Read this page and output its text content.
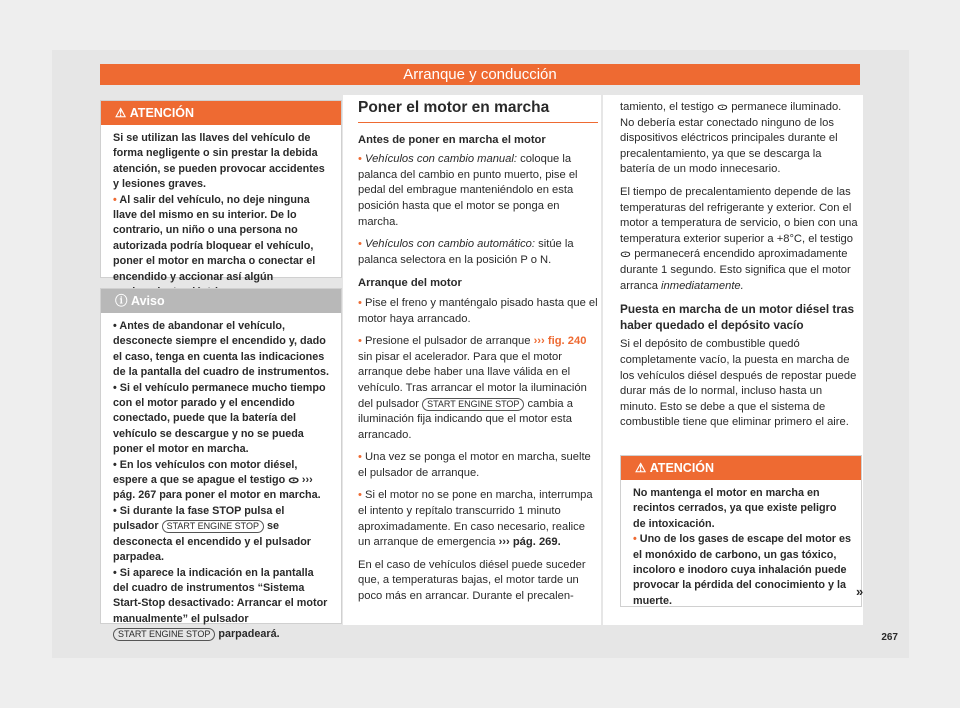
Arranque y conducción
⚠ ATENCIÓN

Si se utilizan las llaves del vehículo de forma negligente o sin prestar la debida atención, se pueden provocar accidentes y lesiones graves.

• Al salir del vehículo, no deje ninguna llave del mismo en su interior. De lo contrario, un niño o una persona no autorizada podría bloquear el vehículo, poner el motor en marcha o conectar el encendido y accionar así algún

ⓘ Aviso

• Antes de abandonar el vehículo, desconecte siempre el encendido y, dado el caso, tenga en cuenta las indicaciones de la pantalla del cuadro de instrumentos.

• Si el vehículo permanece mucho tiempo con el motor parado y el encendido conectado, puede que la batería del vehículo se descargue y no se pueda poner el motor en marcha.

• En los vehículos con motor diésel, espere a que se apague el testigo ᯣ ››› pág. 267 para poner el motor en marcha.

• Si durante la fase STOP pulsa el pulsador START ENGINE STOP se desconecta el encendido y el pulsador parpadea.

• Si aparece la indicación en la pantalla del cuadro de instrumentos “Sistema Start-Stop desactivado: Arrancar el motor manualmente” el pulsador START ENGINE STOP parpadeará.

Poner el motor en marcha
Antes de poner en marcha el motor

• Vehículos con cambio manual: coloque la palanca del cambio en punto muerto, pise el pedal del embrague manteniéndolo en esta posición hasta que el motor se ponga en marcha.

• Vehículos con cambio automático: sitúe la palanca selectora en la posición P o N.

Arranque del motor

• Pise el freno y manténgalo pisado hasta que el motor haya arrancado.

• Presione el pulsador de arranque ››› fig. 240 sin pisar el acelerador. Para que el motor arranque debe haber una llave válida en el vehículo. Tras arrancar el motor la iluminación del pulsador START ENGINE STOP cambia a iluminación fija indicando que el motor esta arrancado.

• Una vez se ponga el motor en marcha, suelte el pulsador de arranque.

• Si el motor no se pone en marcha, interrumpa el intento y repítalo transcurrido 1 minuto aproximadamente. En caso necesario, realice un arranque de emergencia ››› pág. 269.

En el caso de vehículos diésel puede suceder que, a temperaturas bajas, el motor tarde un poco más en arrancar. Durante el precalen-

tamiento, el testigo ᯣ permanece iluminado. No debería estar conectado ninguno de los dispositivos eléctricos principales durante el precalentamiento, ya que se descarga la batería de un modo innecesario.

El tiempo de precalentamiento depende de las temperaturas del refrigerante y exterior. Con el motor a temperatura de servicio, o bien con una temperatura exterior superior a +8°C, el testigo ᯣ permanecerá encendido aproximadamente durante 1 segundo. Esto significa que el motor arranca inmediatamente.

Puesta en marcha de un motor diésel tras haber quedado el depósito vacío

Si el depósito de combustible quedó completamente vacío, la puesta en marcha de los vehículos diésel después de repostar puede durar más de lo normal, incluso hasta un minuto. Esto se debe a que el sistema de combustible tiene que eliminar primero el aire.

⚠ ATENCIÓN

No mantenga el motor en marcha en recintos cerrados, ya que existe peligro de intoxicación.

• Uno de los gases de escape del motor es el monóxido de carbono, un gas tóxico, incoloro e inodoro cuya inhalación puede provocar la pérdida del conocimiento y la muerte.

»
267
